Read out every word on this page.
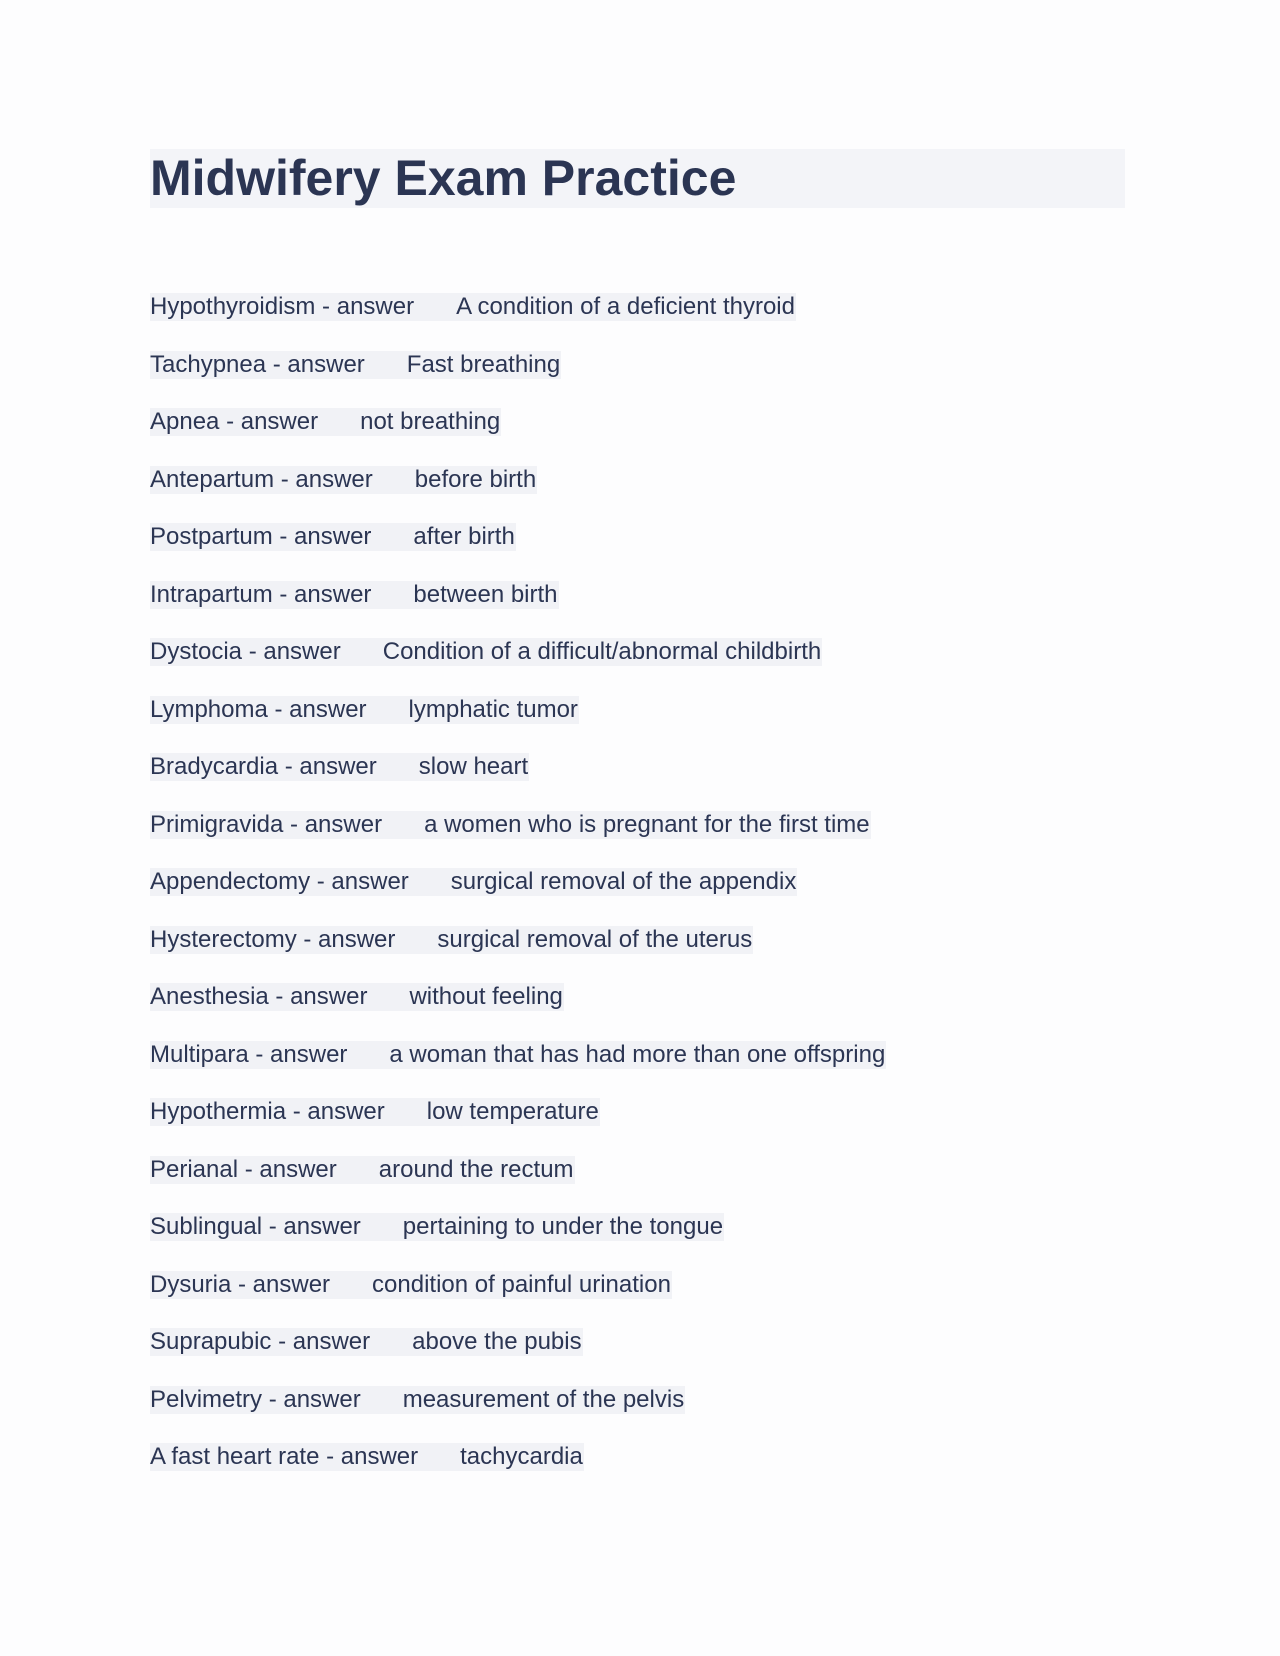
Midwifery Exam Practice
Hypothyroidism - answer A condition of a deficient thyroid
Tachypnea - answer Fast breathing
Apnea - answer not breathing
Antepartum - answer before birth
Postpartum - answer after birth
Intrapartum - answer between birth
Dystocia - answer Condition of a difficult/abnormal childbirth
Lymphoma - answer lymphatic tumor
Bradycardia - answer slow heart
Primigravida - answer a women who is pregnant for the first time
Appendectomy - answer surgical removal of the appendix
Hysterectomy - answer surgical removal of the uterus
Anesthesia - answer without feeling
Multipara - answer a woman that has had more than one offspring
Hypothermia - answer low temperature
Perianal - answer around the rectum
Sublingual - answer pertaining to under the tongue
Dysuria - answer condition of painful urination
Suprapubic - answer above the pubis
Pelvimetry - answer measurement of the pelvis
A fast heart rate - answer tachycardia
